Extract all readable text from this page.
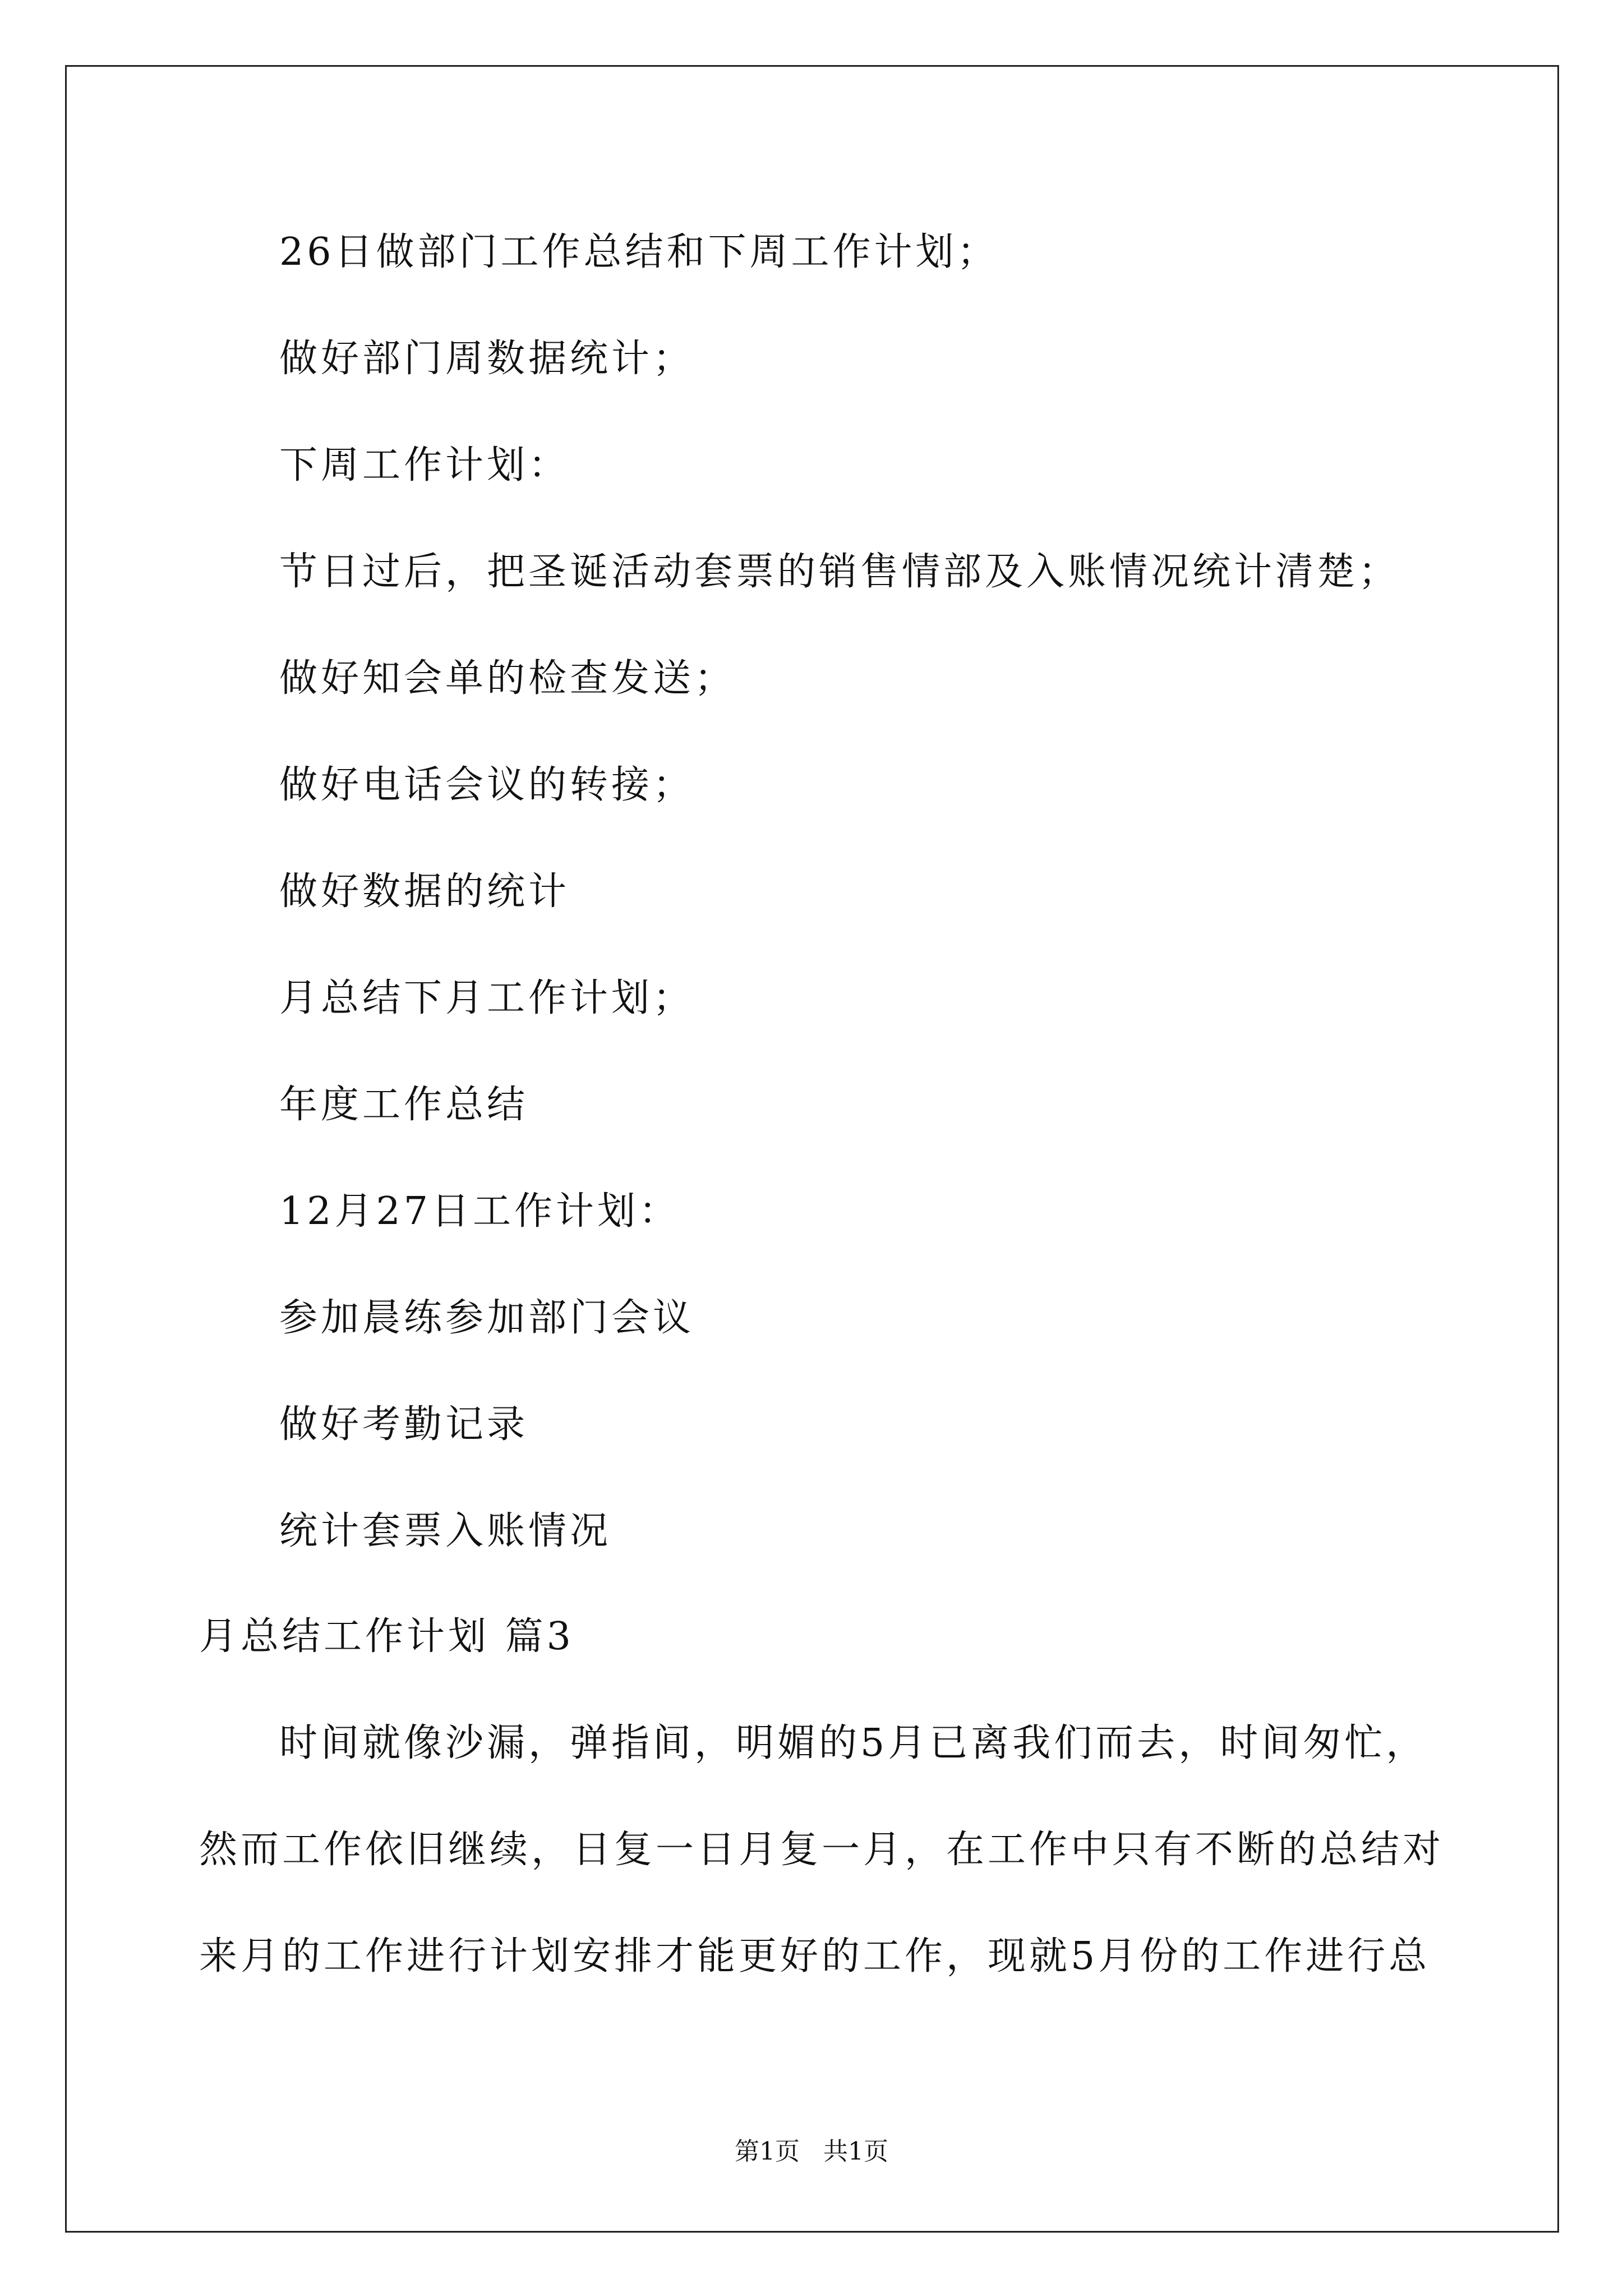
26日做部门工作总结和下周工作计划；
做好部门周数据统计；
下周工作计划：
节日过后，把圣诞活动套票的销售情部及入账情况统计清楚；
做好知会单的检查发送；
做好电话会议的转接；
做好数据的统计
月总结下月工作计划；
年度工作总结
12月27日工作计划：
参加晨练参加部门会议
做好考勤记录
统计套票入账情况
月总结工作计划 篇3
时间就像沙漏，弹指间，明媚的5月已离我们而去，时间匆忙，
然而工作依旧继续，日复一日月复一月，在工作中只有不断的总结对
来月的工作进行计划安排才能更好的工作，现就5月份的工作进行总
第1页   共1页
